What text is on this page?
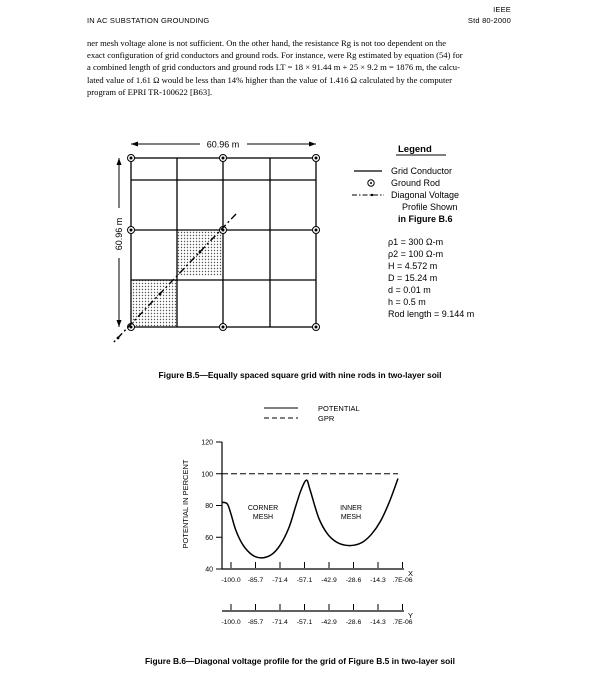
IN AC SUBSTATION GROUNDING
IEEE
Std 80-2000
ner mesh voltage alone is not sufficient. On the other hand, the resistance Rg is not too dependent on the
exact configuration of grid conductors and ground rods. For instance, were Rg estimated by equation (54) for
a combined length of grid conductors and ground rods LT = 18 × 91.44 m + 25 × 9.2 m = 1876 m, the calcu-
lated value of 1.61 Ω would be less than 14% higher than the value of 1.416 Ω calculated by the computer
program of EPRI TR-100622 [B63].
60.96 m
60.96 m
Legend
Grid Conductor
Ground Rod
Diagonal Voltage
Profile Shown
in Figure B.6
ρ1 = 300 Ω-m
ρ2 = 100 Ω-m
H = 4.572 m
D = 15.24 m
d = 0.01 m
h = 0.5 m
Rod length = 9.144 m
Figure B.5—Equally spaced square grid with nine rods in two-layer soil
POTENTIAL
GPR
120
100
80
60
40
POTENTIAL IN PERCENT
-100.0 -85.7 -71.4 -57.1 -42.9 -28.6 -14.3 .7E-06
X
-100.0 -85.7 -71.4 -57.1 -42.9 -28.6 -14.3 .7E-06
Y
CORNER
MESH
INNER
MESH
Figure B.6—Diagonal voltage profile for the grid of Figure B.5 in two-layer soil
